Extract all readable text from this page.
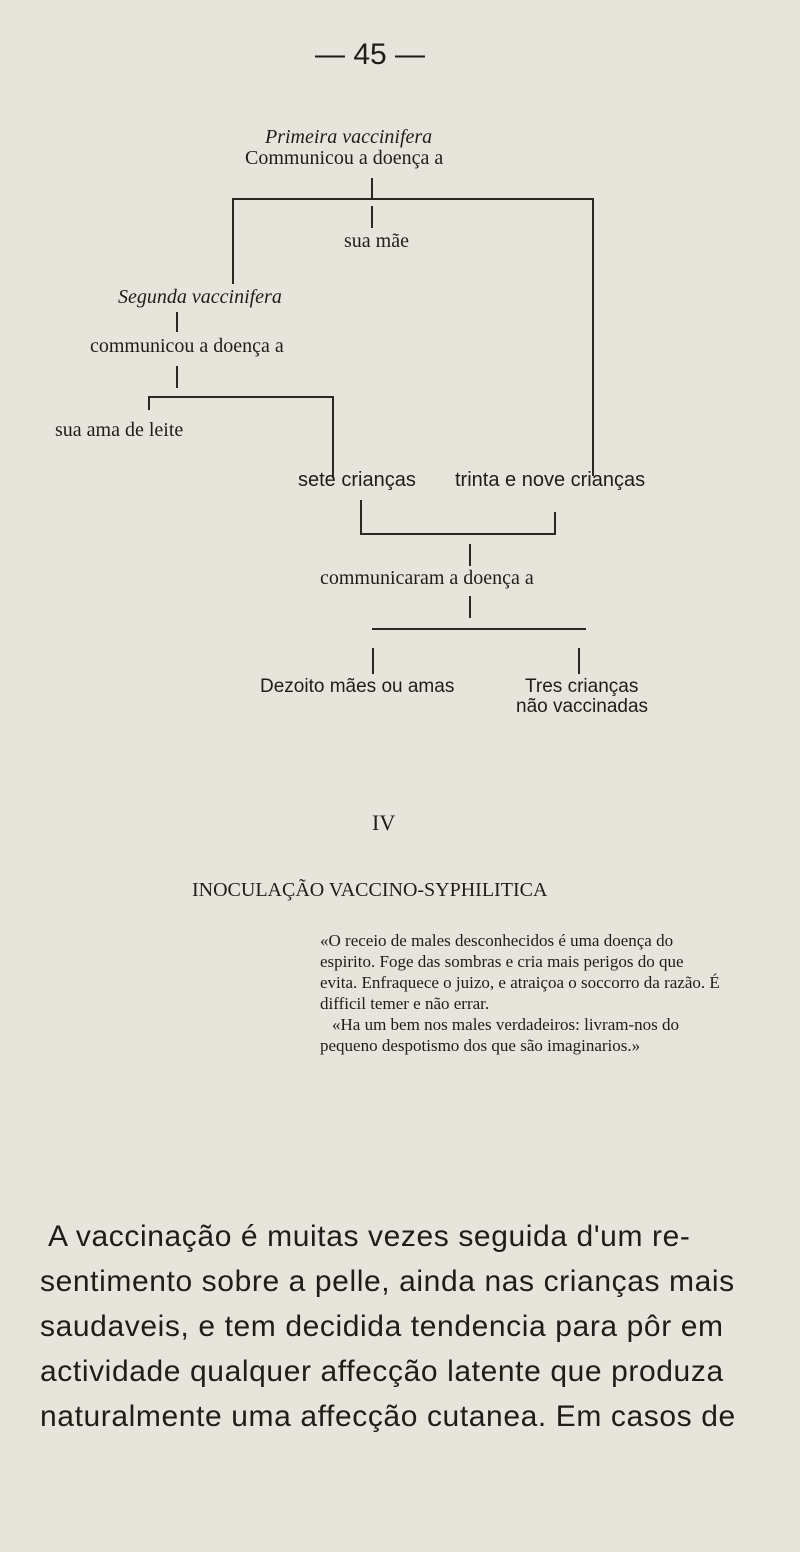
— 45 —
Primeira vaccinifera
Communicou a doença a
sua mãe
Segunda vaccinifera
communicou a doença a
sua ama de leite
sete crianças trinta e nove crianças
communicaram a doença a
Dezoito mães ou amas	Tres crianças
não vaccinadas
IV
INOCULAÇÃO VACCINO-SYPHILITICA

«O receio de males desconhecidos é uma doença do espirito. Foge das sombras e cria mais perigos do que evita. Enfraquece o juizo, e atraiçoa o soccorro da razão. É difficil temer e não errar.

«Ha um bem nos males verdadeiros: livram-nos do pequeno despotismo dos que são imaginarios.»

A vaccinação é muitas vezes seguida d'um re-
sentimento sobre a pelle, ainda nas crianças mais
saudaveis, e tem decidida tendencia para pôr em
actividade qualquer affecção latente que produza
naturalmente uma affecção cutanea. Em casos de
